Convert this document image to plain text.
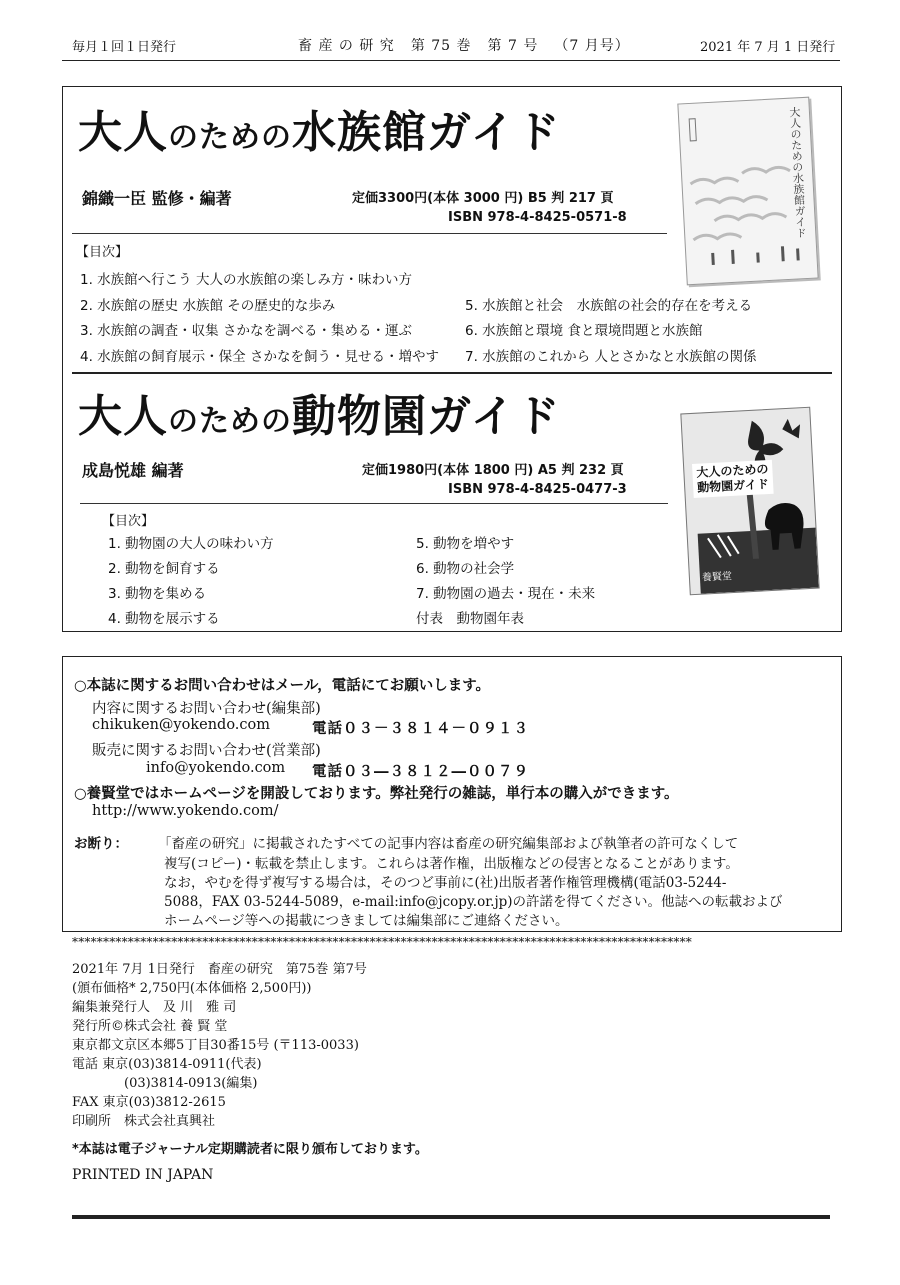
毎月１回１日発行	畜 産 の 研 究 第 75 巻 第 7 号 （7 月号）	2021 年 7 月 1 日発行
大人のための水族館ガイド
錦織一臣 監修・編著	定価3300円(本体 3000 円) B5 判 217 頁
ISBN 978-4-8425-0571-8
【目次】
1. 水族館へ行こう 大人の水族館の楽しみ方・味わい方
2. 水族館の歴史 水族館 その歴史的な歩み
3. 水族館の調査・収集 さかなを調べる・集める・運ぶ
4. 水族館の飼育展示・保全 さかなを飼う・見せる・増やす
5. 水族館と社会　水族館の社会的存在を考える
6. 水族館と環境 食と環境問題と水族館
7. 水族館のこれから 人とさかなと水族館の関係
大人のための水族館ガイド
大人のための動物園ガイド
成島悦雄 編著	定価1980円(本体 1800 円) A5 判 232 頁
ISBN 978-4-8425-0477-3
【目次】
1. 動物園の大人の味わい方
2. 動物を飼育する
3. 動物を集める
4. 動物を展示する
5. 動物を増やす
6. 動物の社会学
7. 動物園の過去・現在・未来
付表　動物園年表
大人のための
動物園ガイド
養賢堂
○本誌に関するお問い合わせはメール，電話にてお願いします。
内容に関するお問い合わせ(編集部)
chikuken@yokendo.com	電話０３－３８１４－０９１３
販売に関するお問い合わせ(営業部)
info@yokendo.com 電話０３―３８１２―００７９
○養賢堂ではホームページを開設しております。弊社発行の雑誌，単行本の購入ができます。
http://www.yokendo.com/
お断り： 「畜産の研究」に掲載されたすべての記事内容は畜産の研究編集部および執筆者の許可なくして
複写(コピー)・転載を禁止します。これらは著作権，出版権などの侵害となることがあります。
なお，やむを得ず複写する場合は，そのつど事前に(社)出版者著作権管理機構(電話03-5244-
5088，FAX 03-5244-5089，e-mail:info@jcopy.or.jp)の許諾を得てください。他誌への転載および
ホームページ等への掲載につきましては編集部にご連絡ください。
****************************************************************************************************
2021年 7月 1日発行　畜産の研究　第75巻 第7号
(頒布価格* 2,750円(本体価格 2,500円))
編集兼発行人　及 川　雅 司
発行所©株式会社 養 賢 堂
東京都文京区本郷5丁目30番15号 (〒113-0033)
電話 東京(03)3814-0911(代表)
　　　　(03)3814-0913(編集)
FAX 東京(03)3812-2615
印刷所　株式会社真興社
*本誌は電子ジャーナル定期購読者に限り頒布しております。
PRINTED IN JAPAN
